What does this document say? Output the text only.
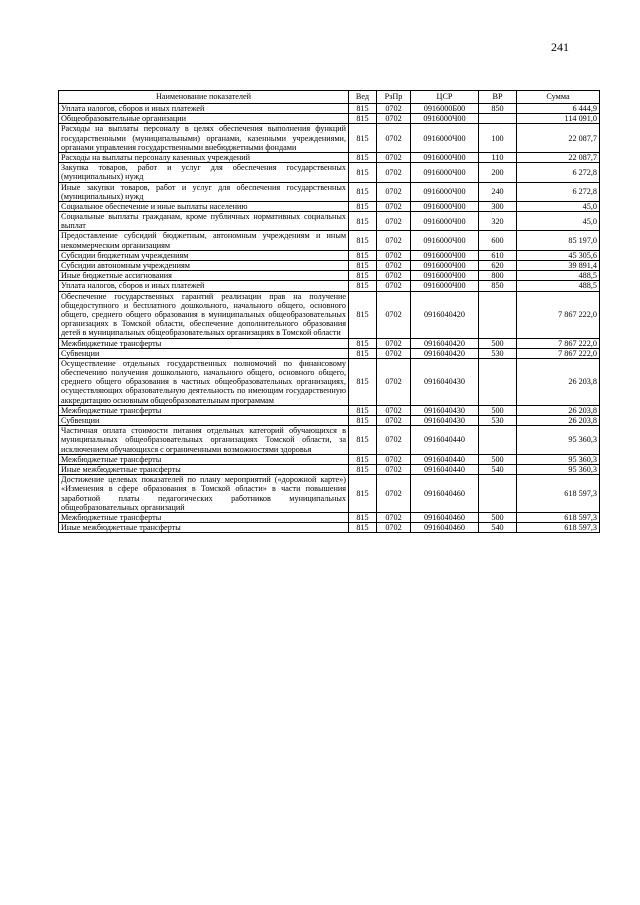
241
Наименование показателей	Вед	РзПр	ЦСР	ВР	Сумма
Уплата налогов, сборов и иных платежей	815	0702	0916000Б00	850	6 444,9
Общеобразовательные организации	815	0702	0916000Ч00		114 091,0
Расходы на выплаты персоналу в целях обеспечения выполнения функций государственными (муниципальными) органами, казенными учреждениями, органами управления государственными внебюджетными фондами	815	0702	0916000Ч00	100	22 087,7
Расходы на выплаты персоналу казенных учреждений	815	0702	0916000Ч00	110	22 087,7
Закупка товаров, работ и услуг для обеспечения государственных (муниципальных) нужд	815	0702	0916000Ч00	200	6 272,8
Иные закупки товаров, работ и услуг для обеспечения государственных (муниципальных) нужд	815	0702	0916000Ч00	240	6 272,8
Социальное обеспечение и иные выплаты населению	815	0702	0916000Ч00	300	45,0
Социальные выплаты гражданам, кроме публичных нормативных социальных выплат	815	0702	0916000Ч00	320	45,0
Предоставление субсидий бюджетным, автономным учреждениям и иным некоммерческим организациям	815	0702	0916000Ч00	600	85 197,0
Субсидии бюджетным учреждениям	815	0702	0916000Ч00	610	45 305,6
Субсидии автономным учреждениям	815	0702	0916000Ч00	620	39 891,4
Иные бюджетные ассигнования	815	0702	0916000Ч00	800	488,5
Уплата налогов, сборов и иных платежей	815	0702	0916000Ч00	850	488,5
Обеспечение государственных гарантий реализации прав на получение общедоступного и бесплатного дошкольного, начального общего, основного общего, среднего общего образования в муниципальных общеобразовательных организациях в Томской области, обеспечение дополнительного образования детей в муниципальных общеобразовательных организациях в Томской области	815	0702	0916040420		7 867 222,0
Межбюджетные трансферты	815	0702	0916040420	500	7 867 222,0
Субвенции	815	0702	0916040420	530	7 867 222,0
Осуществление отдельных государственных полномочий по финансовому обеспечению получения дошкольного, начального общего, основного общего, среднего общего образования в частных общеобразовательных организациях, осуществляющих образовательную деятельность по имеющим государственную аккредитацию основным общеобразовательным программам	815	0702	0916040430		26 203,8
Межбюджетные трансферты	815	0702	0916040430	500	26 203,8
Субвенции	815	0702	0916040430	530	26 203,8
Частичная оплата стоимости питания отдельных категорий обучающихся в муниципальных общеобразовательных организациях Томской области, за исключением обучающихся с ограниченными возможностями здоровья	815	0702	0916040440		95 360,3
Межбюджетные трансферты	815	0702	0916040440	500	95 360,3
Иные межбюджетные трансферты	815	0702	0916040440	540	95 360,3
Достижение целевых показателей по плану мероприятий («дорожной карте») «Изменения в сфере образования в Томской области» в части повышения заработной платы педагогических работников муниципальных общеобразовательных организаций	815	0702	0916040460		618 597,3
Межбюджетные трансферты	815	0702	0916040460	500	618 597,3
Иные межбюджетные трансферты	815	0702	0916040460	540	618 597,3
